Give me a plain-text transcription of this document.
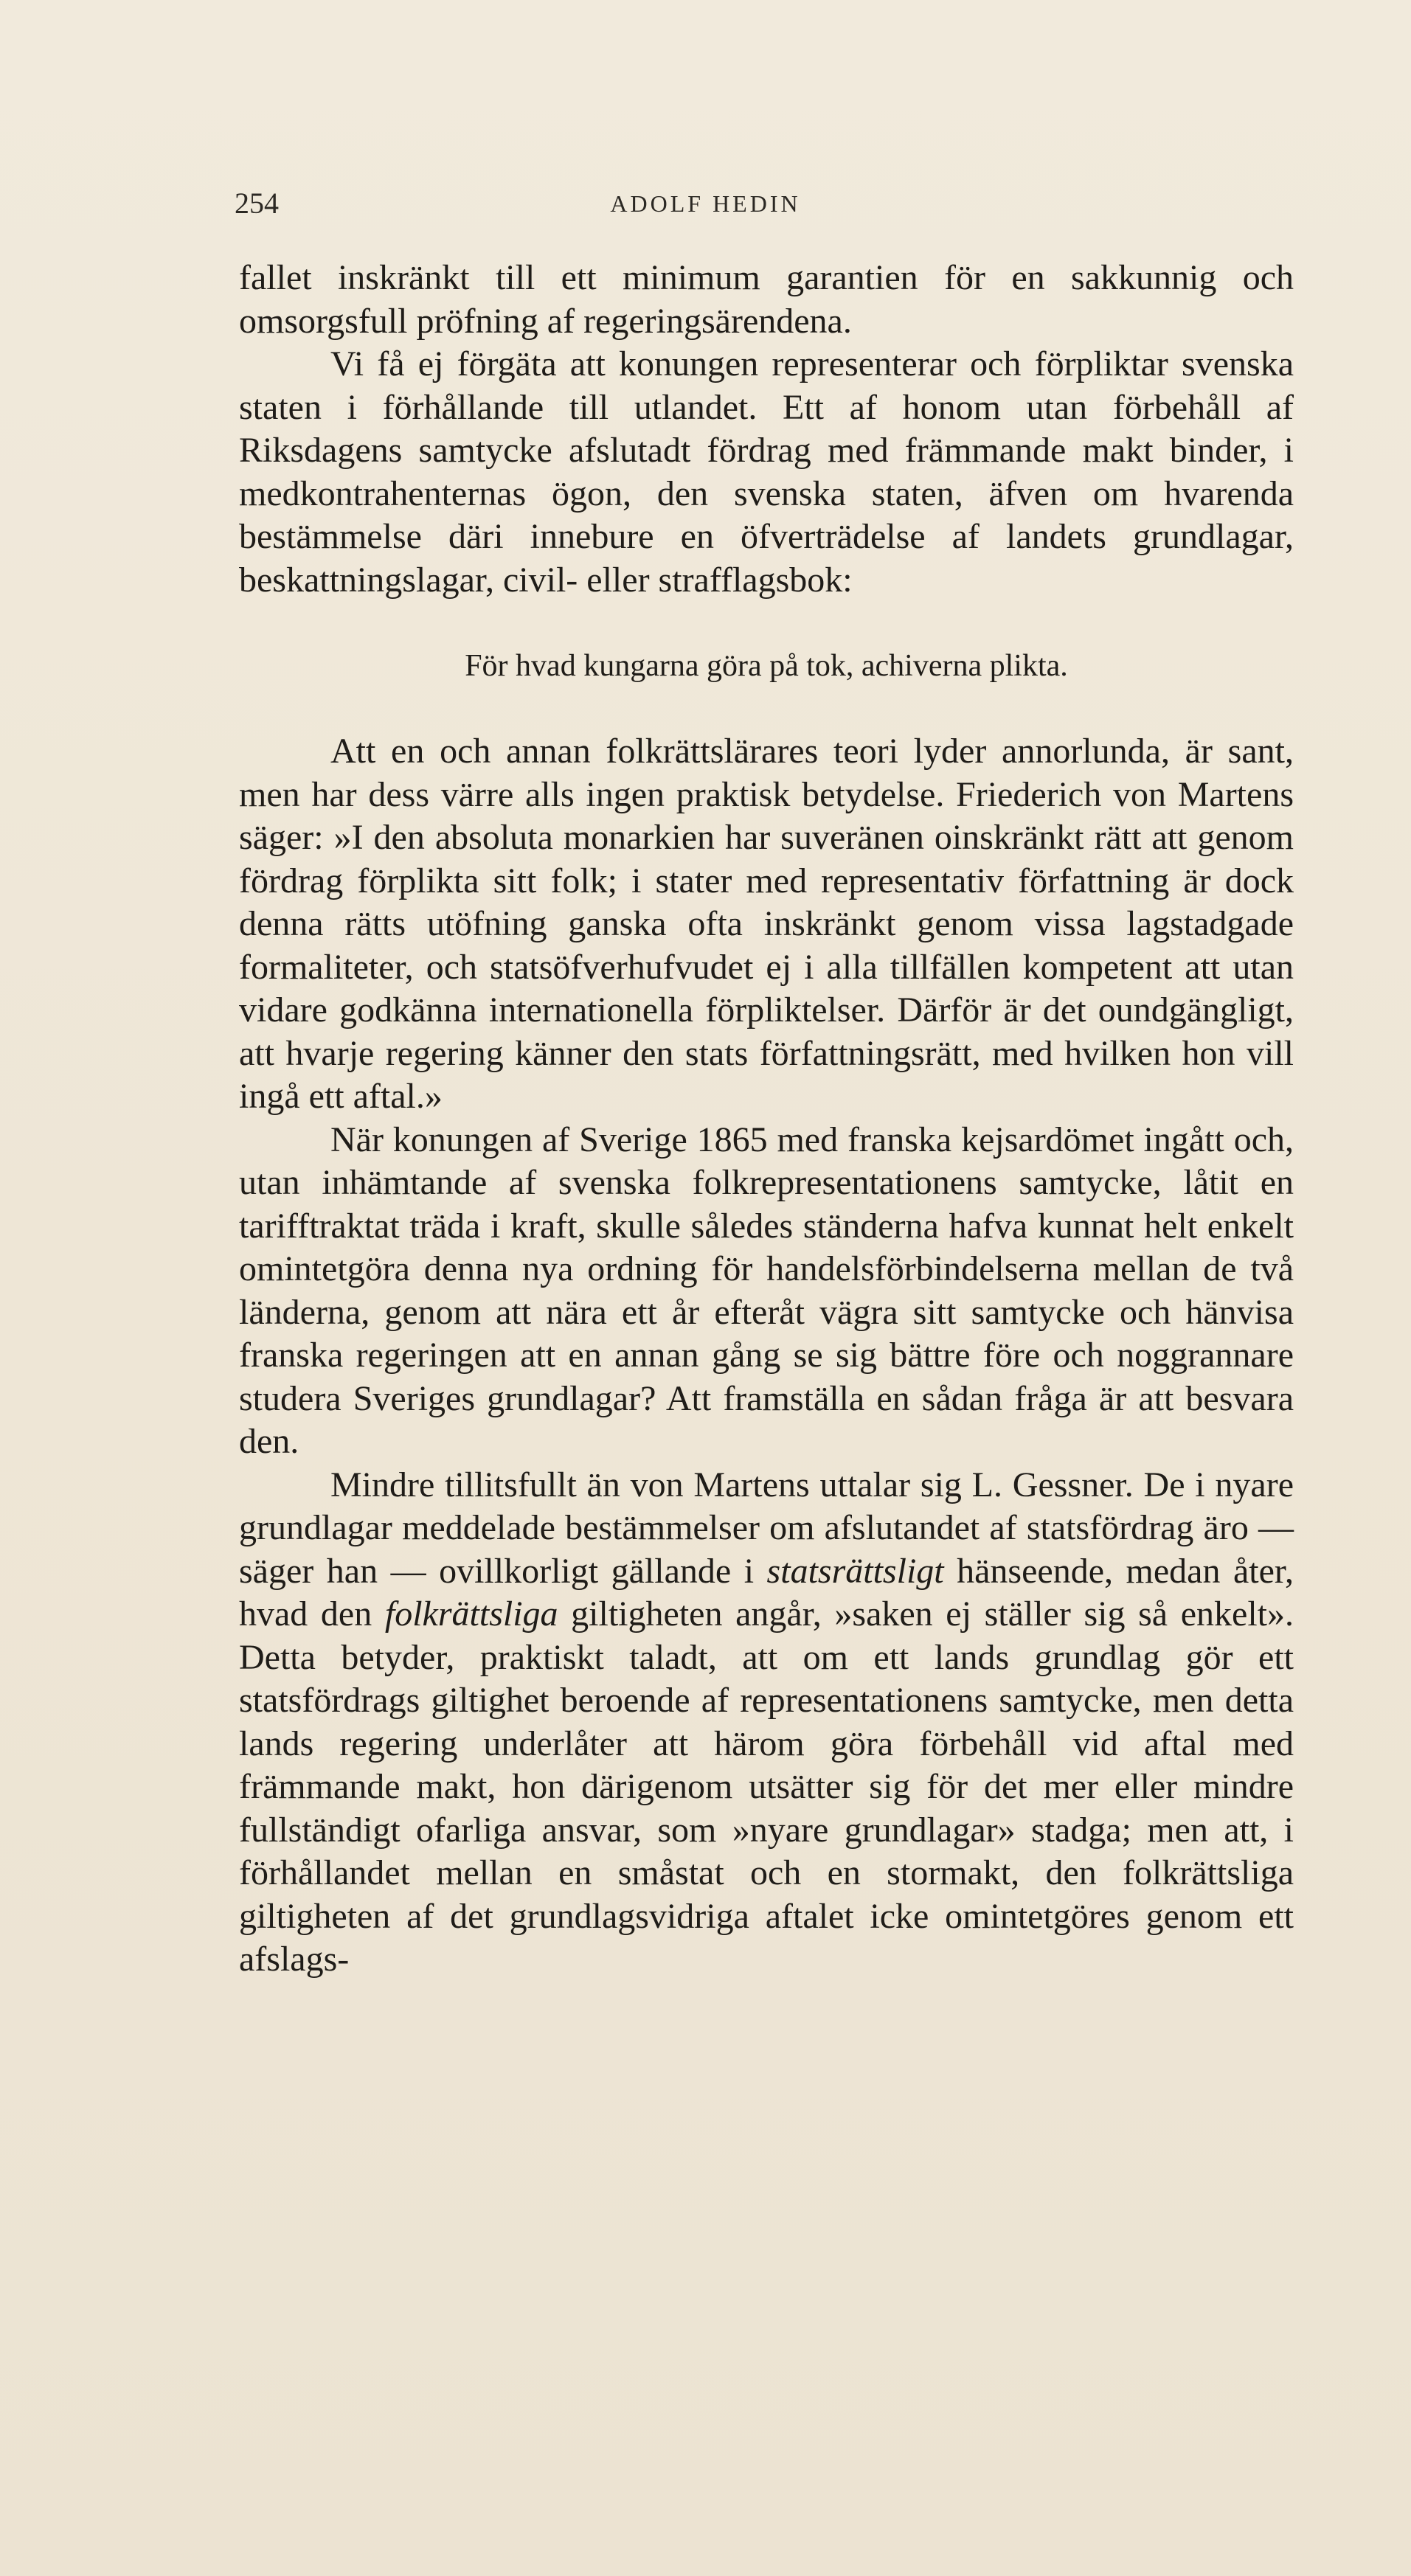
254	ADOLF HEDIN

fallet inskränkt till ett minimum garantien för en sakkunnig och omsorgsfull pröfning af regeringsärendena.

Vi få ej förgäta att konungen representerar och förpliktar svenska staten i förhållande till utlandet. Ett af honom utan förbehåll af Riksdagens samtycke afslutadt fördrag med främmande makt binder, i medkontrahenternas ögon, den svenska staten, äfven om hvarenda bestämmelse däri innebure en öfverträdelse af landets grundlagar, beskattningslagar, civil- eller strafflagsbok:

För hvad kungarna göra på tok, achiverna plikta.

Att en och annan folkrättslärares teori lyder annorlunda, är sant, men har dess värre alls ingen praktisk betydelse. Friederich von Martens säger: »I den absoluta monarkien har suveränen oinskränkt rätt att genom fördrag förplikta sitt folk; i stater med representativ författning är dock denna rätts utöfning ganska ofta inskränkt genom vissa lagstadgade formaliteter, och statsöfverhufvudet ej i alla tillfällen kompetent att utan vidare godkänna internationella förpliktelser. Därför är det oundgängligt, att hvarje regering känner den stats författningsrätt, med hvilken hon vill ingå ett aftal.»

När konungen af Sverige 1865 med franska kejsardömet ingått och, utan inhämtande af svenska folkrepresentationens samtycke, låtit en tarifftraktat träda i kraft, skulle således ständerna hafva kunnat helt enkelt omintetgöra denna nya ordning för handelsförbindelserna mellan de två länderna, genom att nära ett år efteråt vägra sitt samtycke och hänvisa franska regeringen att en annan gång se sig bättre före och noggrannare studera Sveriges grundlagar? Att framställa en sådan fråga är att besvara den.

Mindre tillitsfullt än von Martens uttalar sig L. Gessner. De i nyare grundlagar meddelade bestämmelser om afslutandet af statsfördrag äro — säger han — ovillkorligt gällande i statsrättsligt hänseende, medan åter, hvad den folkrättsliga giltigheten angår, »saken ej ställer sig så enkelt». Detta betyder, praktiskt taladt, att om ett lands grundlag gör ett statsfördrags giltighet beroende af representationens samtycke, men detta lands regering underlåter att härom göra förbehåll vid aftal med främmande makt, hon därigenom utsätter sig för det mer eller mindre fullständigt ofarliga ansvar, som »nyare grundlagar» stadga; men att, i förhållandet mellan en småstat och en stormakt, den folkrättsliga giltigheten af det grundlagsvidriga aftalet icke omintetgöres genom ett afslags-
